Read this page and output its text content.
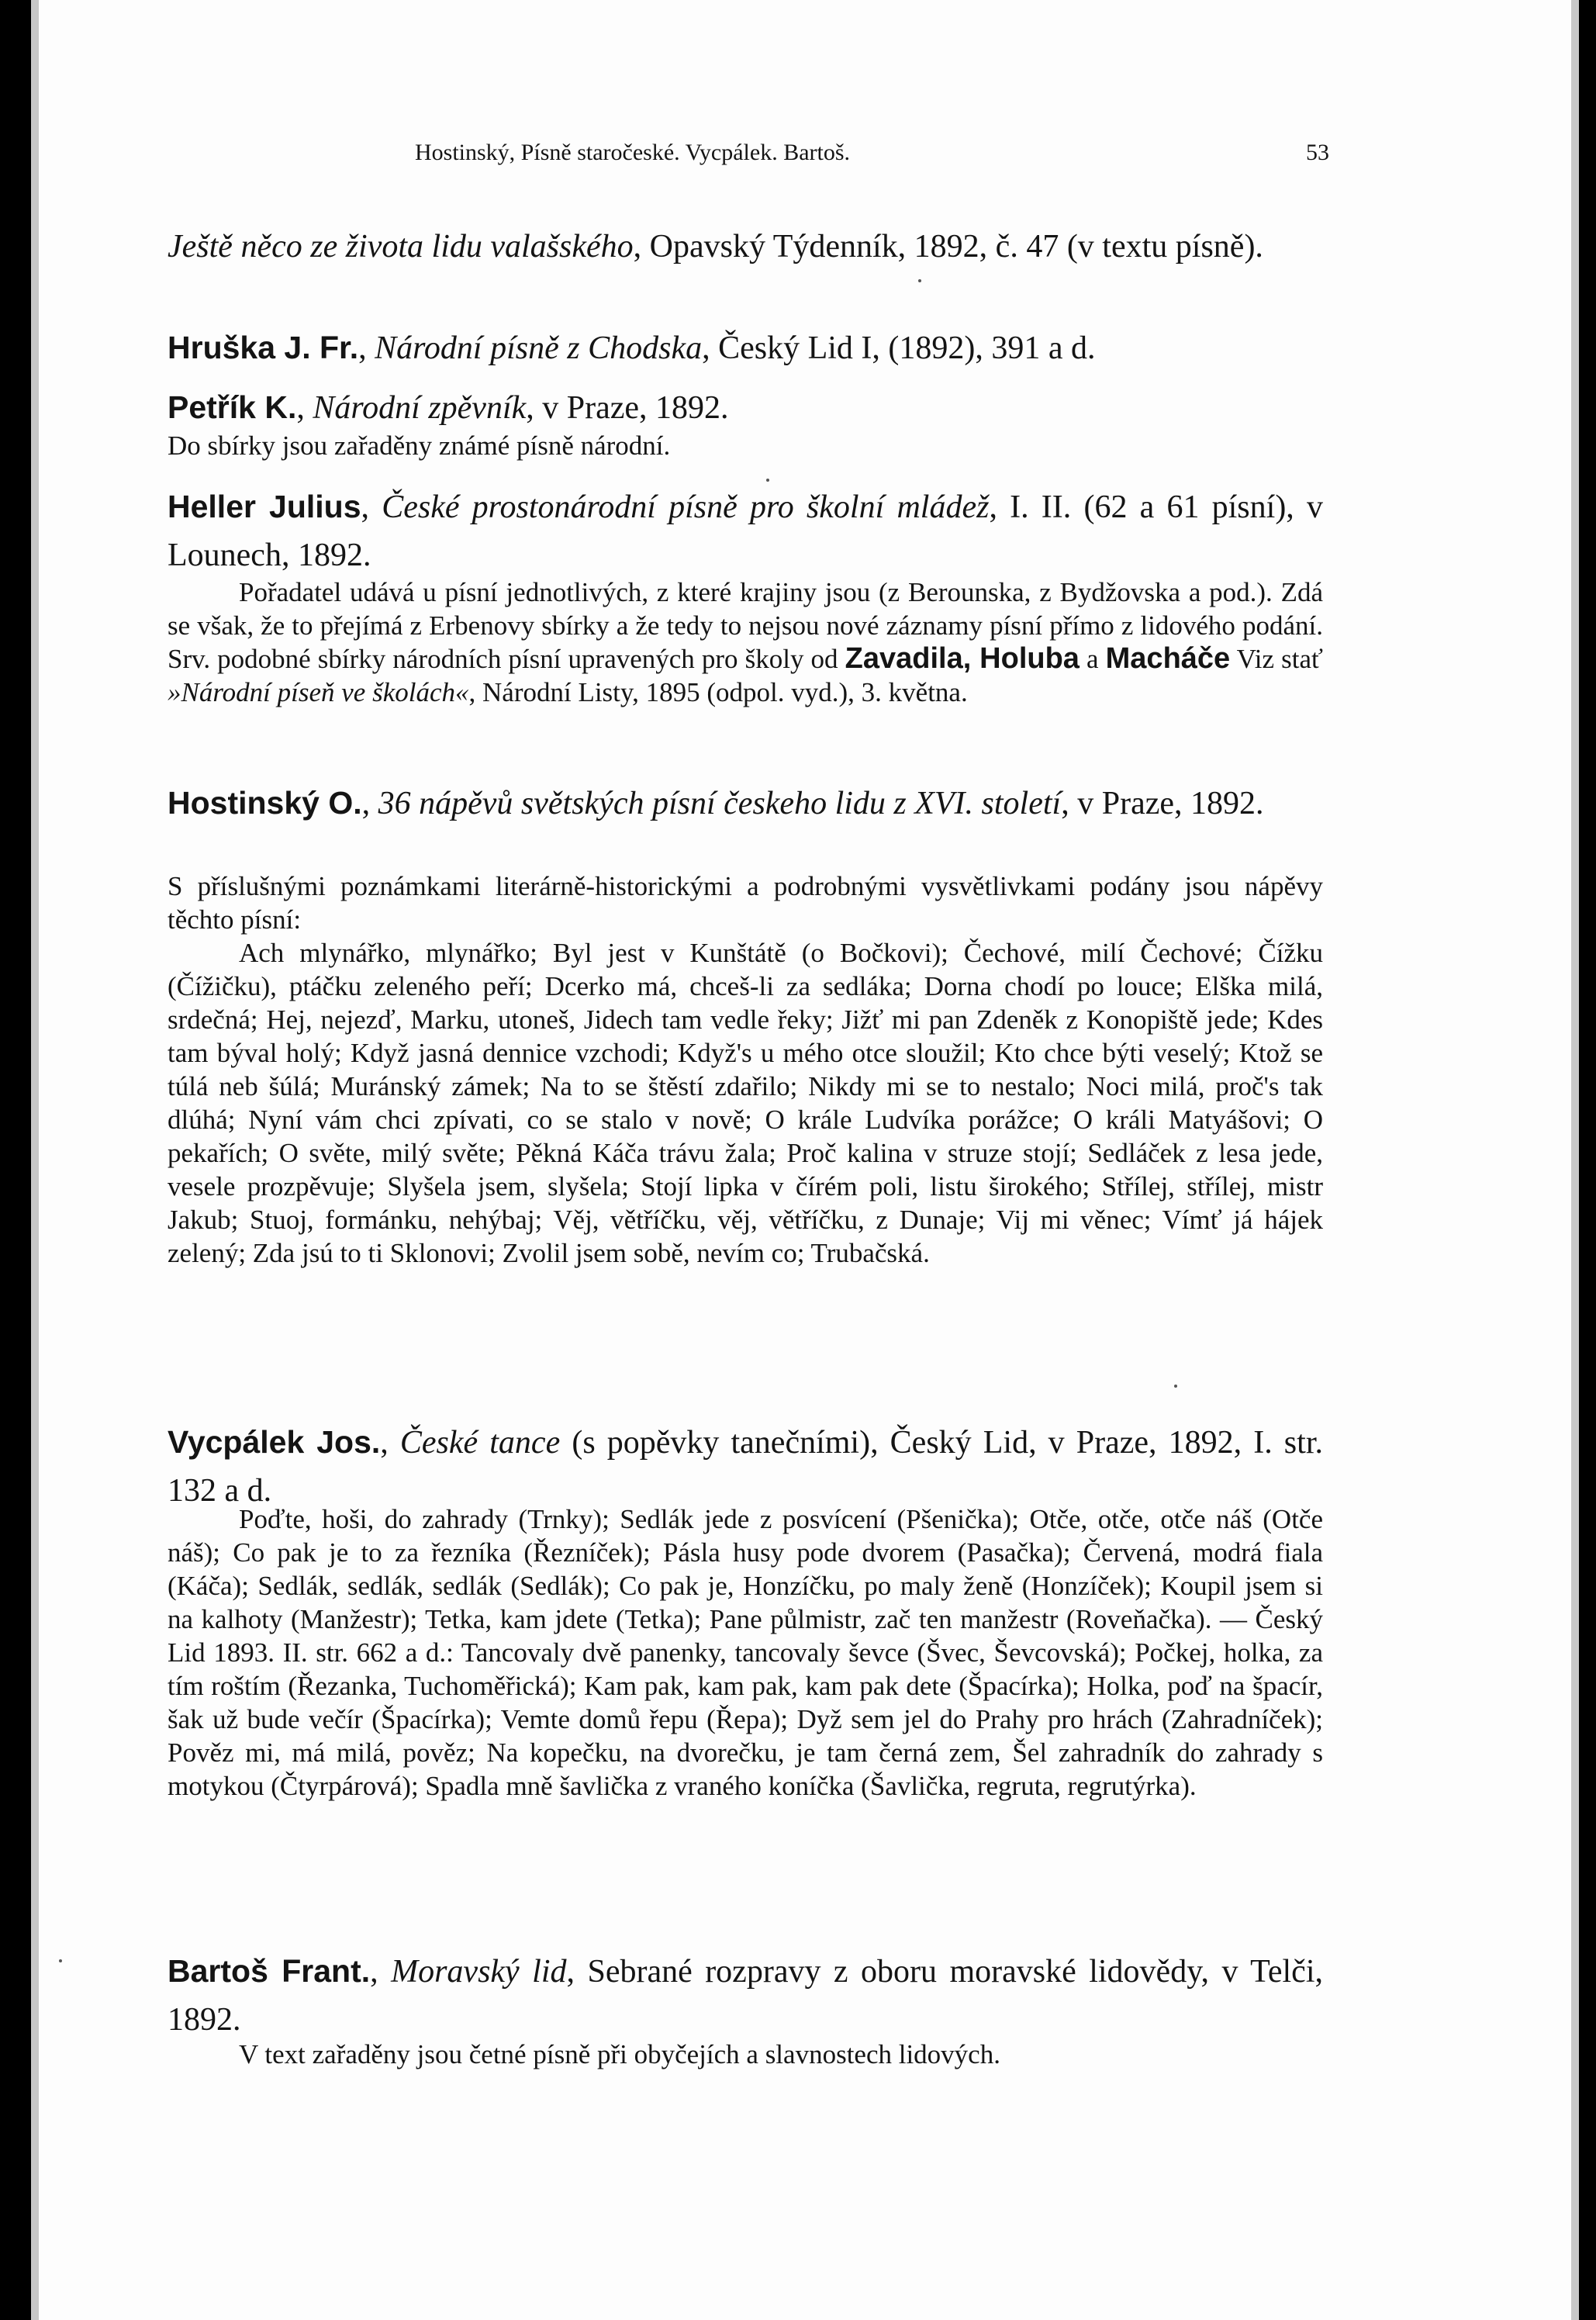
Hostinský, Písně staročeské. Vycpálek. Bartoš.	53
Ještě něco ze života lidu valašského, Opavský Týdenník, 1892, č. 47 (v textu písně).
Hruška J. Fr., Národní písně z Chodska, Český Lid I, (1892), 391 a d.
Petřík K., Národní zpěvník, v Praze, 1892.
Do sbírky jsou zařaděny známé písně národní.
Heller Julius, České prostonárodní písně pro školní mládež, I. II. (62 a 61 písní), v Lounech, 1892.
Pořadatel udává u písní jednotlivých, z které krajiny jsou (z Berounska, z Bydžovska a pod.). Zdá se však, že to přejímá z Erbenovy sbírky a že tedy to nejsou nové záznamy písní přímo z lidového podání. Srv. podobné sbírky národních písní upravených pro školy od Zavadila, Holuba a Macháče Viz stať »Národní píseň ve školách«, Národní Listy, 1895 (odpol. vyd.), 3. května.
Hostinský O., 36 nápěvů světských písní českeho lidu z XVI. století, v Praze, 1892.
S příslušnými poznámkami literárně-historickými a podrobnými vysvětlivkami podány jsou nápěvy těchto písní:
Ach mlynářko, mlynářko; Byl jest v Kunštátě (o Bočkovi); Čechové, milí Čechové; Čížku (Čížičku), ptáčku zeleného peří; Dcerko má, chceš-li za sedláka; Dorna chodí po louce; Elška milá, srdečná; Hej, nejezď, Marku, utoneš, Jidech tam vedle řeky; Jižť mi pan Zdeněk z Konopiště jede; Kdes tam býval holý; Když jasná dennice vzchodi; Když's u mého otce sloužil; Kto chce býti veselý; Ktož se túlá neb šúlá; Muránský zámek; Na to se štěstí zdařilo; Nikdy mi se to nestalo; Noci milá, proč's tak dlúhá; Nyní vám chci zpívati, co se stalo v nově; O krále Ludvíka porážce; O králi Matyášovi; O pekařích; O světe, milý světe; Pěkná Káča trávu žala; Proč kalina v struze stojí; Sedláček z lesa jede, vesele prozpěvuje; Slyšela jsem, slyšela; Stojí lipka v čírém poli, listu širokého; Střílej, střílej, mistr Jakub; Stuoj, formánku, nehýbaj; Věj, větříčku, věj, větříčku, z Dunaje; Vij mi věnec; Vímť já hájek zelený; Zda jsú to ti Sklonovi; Zvolil jsem sobě, nevím co; Trubačská.
Vycpálek Jos., České tance (s popěvky tanečními), Český Lid, v Praze, 1892, I. str. 132 a d.
Poďte, hoši, do zahrady (Trnky); Sedlák jede z posvícení (Pšenička); Otče, otče, otče náš (Otče náš); Co pak je to za řezníka (Řezníček); Pásla husy pode dvorem (Pasačka); Červená, modrá fiala (Káča); Sedlák, sedlák, sedlák (Sedlák); Co pak je, Honzíčku, po maly ženě (Honzíček); Koupil jsem si na kalhoty (Manžestr); Tetka, kam jdete (Tetka); Pane půlmistr, zač ten manžestr (Roveňačka). — Český Lid 1893. II. str. 662 a d.: Tancovaly dvě panenky, tancovaly ševce (Švec, Ševcovská); Počkej, holka, za tím roštím (Řezanka, Tuchoměřická); Kam pak, kam pak, kam pak dete (Špacírka); Holka, poď na špacír, šak už bude večír (Špacírka); Vemte domů řepu (Řepa); Dyž sem jel do Prahy pro hrách (Zahradníček); Pověz mi, má milá, pověz; Na kopečku, na dvorečku, je tam černá zem, Šel zahradník do zahrady s motykou (Čtyrpárová); Spadla mně šavlička z vraného koníčka (Šavlička, regruta, regrutýrka).
Bartoš Frant., Moravský lid, Sebrané rozpravy z oboru moravské lidovědy, v Telči, 1892.
V text zařaděny jsou četné písně při obyčejích a slavnostech lidových.
